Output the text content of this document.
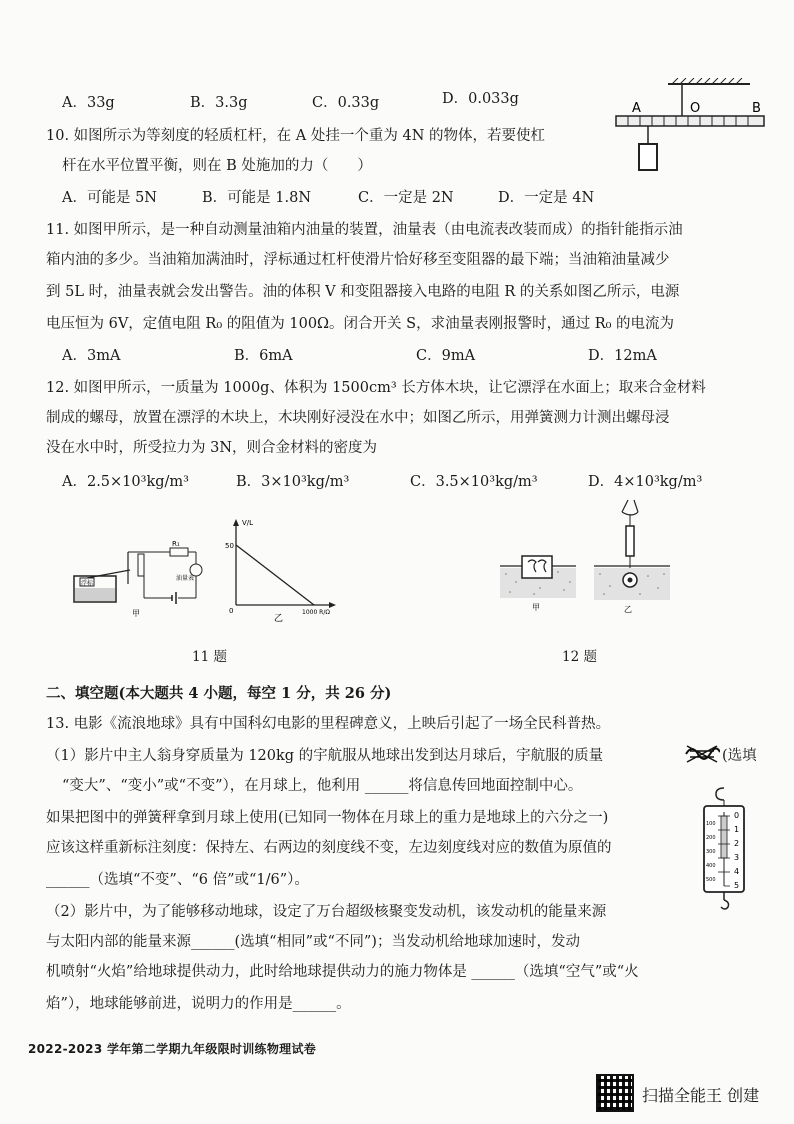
A．33g	B．3.3g	C．0.33g	D．0.033g
A	O	B
10. 如图所示为等刻度的轻质杠杆，在 A 处挂一个重为 4N 的物体，若要使杠
杆在水平位置平衡，则在 B 处施加的力（　　）
A．可能是 5N	B．可能是 1.8N	C．一定是 2N	D．一定是 4N
11. 如图甲所示，是一种自动测量油箱内油量的装置，油量表（由电流表改装而成）的指针能指示油
箱内油的多少。当油箱加满油时，浮标通过杠杆使滑片恰好移至变阻器的最下端；当油箱油量减少
到 5L 时，油量表就会发出警告。油的体积 V 和变阻器接入电路的电阻 R 的关系如图乙所示，电源
电压恒为 6V，定值电阻 R₀ 的阻值为 100Ω。闭合开关 S，求油量表刚报警时，通过 R₀ 的电流为
A．3mA	B．6mA	C．9mA	D．12mA
12. 如图甲所示，一质量为 1000g、体积为 1500cm³ 长方体木块，让它漂浮在水面上；取来合金材料
制成的螺母，放置在漂浮的木块上，木块刚好浸没在水中；如图乙所示，用弹簧测力计测出螺母浸
没在水中时，所受拉力为 3N，则合金材料的密度为
A．2.5×10³kg/m³	B．3×10³kg/m³	C．3.5×10³kg/m³	D．4×10³kg/m³
浮标
R₁
油量表
甲
V/L
50
0	1000 R/Ω
乙
11 题
甲	乙
12 题
二、填空题(本大题共 4 小题，每空 1 分，共 26 分)
13. 电影《流浪地球》具有中国科幻电影的里程碑意义，上映后引起了一场全民科普热。
（1）影片中主人翁身穿质量为 120kg 的宇航服从地球出发到达月球后，宇航服的质量	(选填
“变大”、“变小”或“不变”），在月球上，他利用 ______将信息传回地面控制中心。
如果把图中的弹簧秤拿到月球上使用(已知同一物体在月球上的重力是地球上的六分之一)
应该这样重新标注刻度：保持左、右两边的刻度线不变，左边刻度线对应的数值为原值的
______（选填“不变”、“6 倍”或“1/6”）。
（2）影片中，为了能够移动地球，设定了万台超级核聚变发动机，该发动机的能量来源
与太阳内部的能量来源______(选填“相同”或“不同”)；当发动机给地球加速时，发动
机喷射“火焰”给地球提供动力，此时给地球提供动力的施力物体是 ______（选填“空气”或“火
焰”），地球能够前进，说明力的作用是______。
100
200
300
400
500
0
1
2
3
4
5
2022-2023 学年第二学期九年级限时训练物理试卷
扫描全能王 创建
